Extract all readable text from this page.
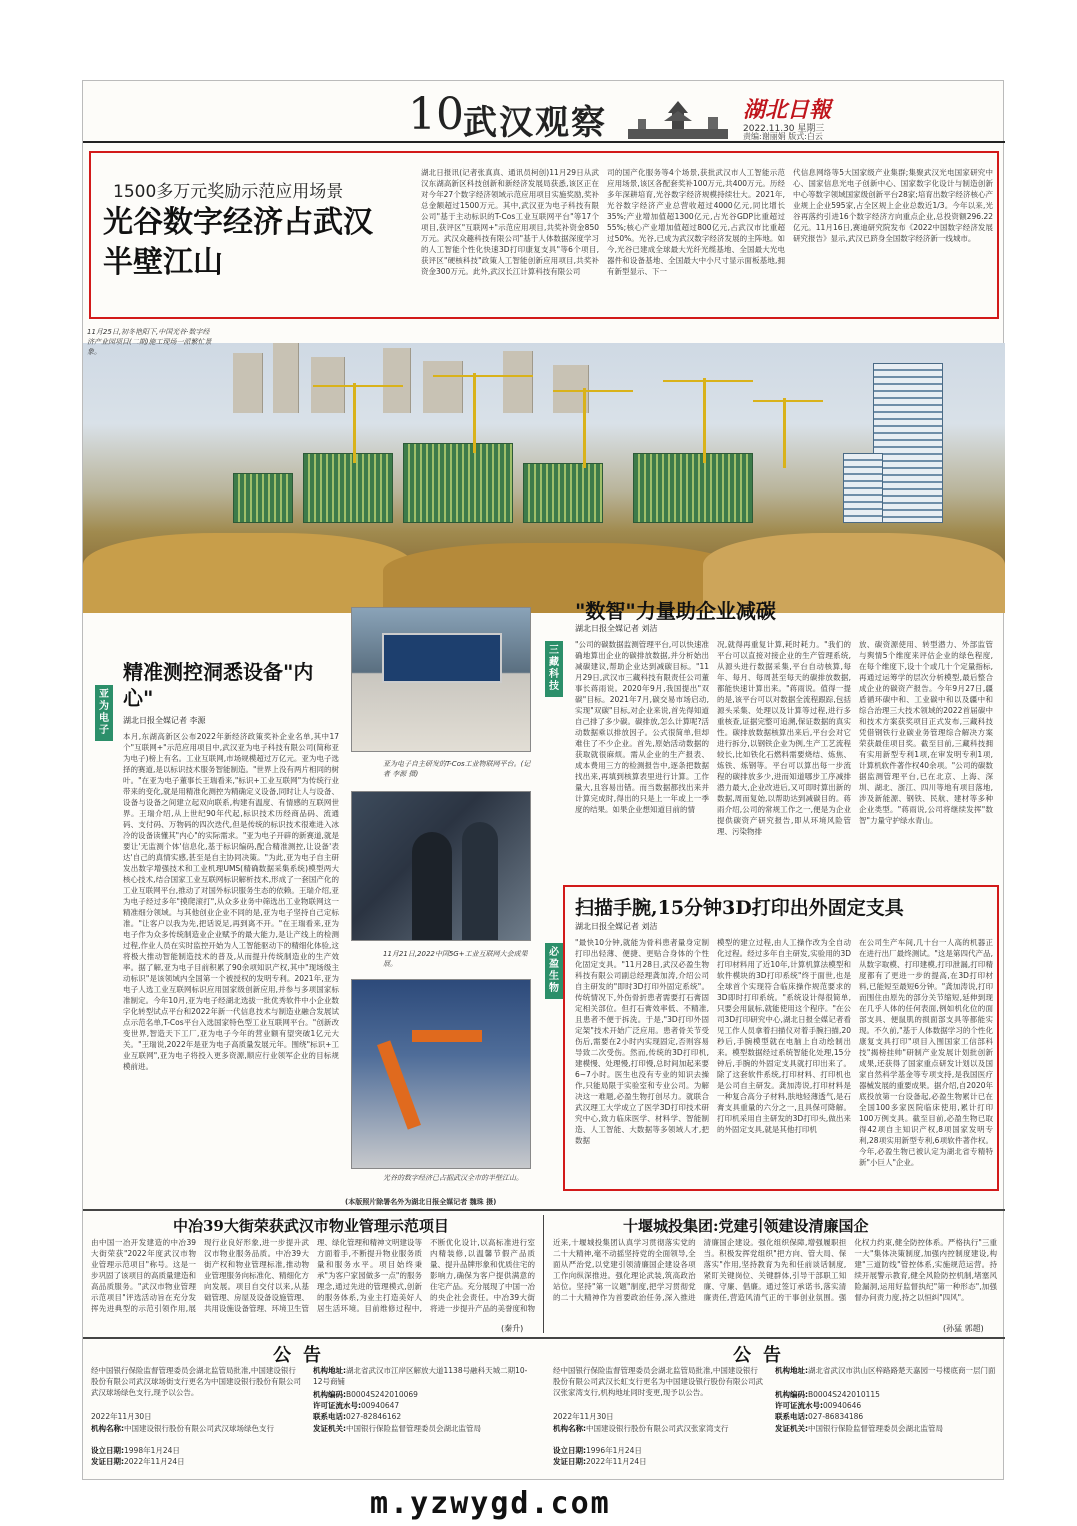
10 武汉观察	湖北日報
2022.11.30 星期三
责编:谢丽娟 版式:白云
1500多万元奖励示范应用场景
光谷数字经济占武汉半壁江山
湖北日报讯(记者张真真、通讯员柯创)11月29日从武汉东湖高新区科技创新和新经济发展局获悉,该区正在对今年27个数字经济领域示范应用项目实施奖励,奖补总金额超过1500万元。其中,武汉亚为电子科技有限公司"基于主动标识的T-Cos工业互联网平台"等17个项目,获评区"互联网+"示范应用项目,共奖补资金850万元。武汉众趣科技有限公司"基于人体数据深度学习的人工智能个性化快速3D打印康复支具"等6个项目,获评区"硬核科技"政策人工智能创新应用项目,共奖补资金300万元。此外,武汉长江计算科技有限公司
司的国产化服务等4个场景,获批武汉市人工智能示范应用场景,该区各配套奖补100万元,共400万元。历经多年深耕培育,光谷数字经济规模持续壮大。2021年,光谷数字经济产业总营收超过4000亿元,同比增长35%;产业增加值超1300亿元,占光谷GDP比重超过55%;核心产业增加值超过800亿元,占武汉市比重超过50%。光谷,已成为武汉数字经济发展的主阵地。如今,光谷已建成全球最大光纤光缆基地、全国最大光电器件和设备基地、全国最大中小尺寸显示面板基地,拥有新型显示、下一
代信息网络等5大国家级产业集群;集聚武汉光电国家研究中心、国家信息光电子创新中心、国家数字化设计与制造创新中心等数字领域国家级创新平台28家;培育出数字经济核心产业规上企业595家,占全区规上企业总数近1/3。今年以来,光谷再落约引进16个数字经济方向重点企业,总投资额296.22亿元。11月16日,赛迪研究院发布《2022中国数字经济发展研究报告》显示,武汉已跻身全国数字经济新一线城市。
11月25日,初冬艳阳下,中国光谷·数字经济产业园项目(二期)施工现场一派繁忙景象。
亚为电子
精准测控洞悉设备"内心"
湖北日报全媒记者 李源
本月,东湖高新区公布2022年新经济政策奖补企业名单,其中17个"互联网+"示范应用项目中,武汉亚为电子科技有限公司(简称亚为电子)榜上有名。工业互联网,市场规模超过万亿元。亚为电子选择的赛道,是以标识技术服务智能制造。"世界上没有两片相同的树叶。"在亚为电子董事长王瑞看来,"标识+工业互联网"为传统行业带来的变化,就是用精准化测控为精确定义设备,同时让人与设备、设备与设备之间建立起双向联系,构建有温度、有情感的互联网世界。王瑞介绍,从上世纪90年代起,标识技术历经商品码、流通码、支付码、万物码的四次迭代,但是传统的标识技术很难进入冰冷的设备读懂其"内心"的实际需求。"亚为电子开辟的新赛道,就是要让'无监测个体'信息化,基于标识编码,配合精准测控,让设备'表达'自己的真情实感,甚至是自主协同决策。"为此,亚为电子自主研发出数字增强技术和工业机理UMS(精确数据采集系统)模型两大核心技术,结合国家工业互联网标识解析技术,形成了一套国产化的工业互联网平台,推动了对国外标识服务生态的依赖。王瑞介绍,亚为电子经过多年"摸爬滚打",从众多业务中筛选出工业物联网这一精准细分领域。与其他创业企业不同的是,亚为电子坚持自己定标准。"让客户以我为先,把话说足,再到离不开。"在王瑞看来,亚为电子作为众多传统制造业企业赋予的最大能力,是让产线上的检测过程,作业人员在实时监控开始为人工智能驱动下的精细化体验,这将极大推动智能制造技术的普及,从而提升传统制造业的生产效率。据了解,亚为电子目前积累了90余项知识产权,其中"现场级主动标识"是该领域内全国第一个被授权的发明专利。2021年,亚为电子人选工业互联网标识应用国家级创新应用,并参与多项国家标准制定。今年10月,亚为电子经湖北选拔一批优秀软件中小企业数字化转型试点平台和2022年新一代信息技术与制造业融合发展试点示范名单,T-Cos平台入选国家特色型工业互联网平台。"创新改变世界,智造天下工厂,亚为电子今年的营业额有望突破1亿元大关。"王瑞说,2022年是亚为电子高质量发展元年。围绕"标识+工业互联网",亚为电子将投入更多资源,顺应行业领军企业的目标规模前进。
亚为电子自主研发的T-Cos工业物联网平台。(记者 李源 摄)
11月21日,2022中国5G+工业互联网大会成果展。
光谷的数字经济已占据武汉全市的半壁江山。
(本版照片除署名外为湖北日报全媒记者 魏珠 摄)
三藏科技
"数智"力量助企业减碳
湖北日报全媒记者 刘洁
"公司的碳数据监测管理平台,可以快速准确地算出企业的碳排放数据,并分析始出减碳建议,帮助企业达到减碳目标。"11月29日,武汉市三藏科技有限责任公司董事长蒋雨说。2020年9月,我国提出"双碳"目标。2021年7月,碳交易市场启动,实现"双碳"目标,对企业来说,首先得知道自己排了多少碳。碳排放,怎么计算呢?活动数据乘以排放因子。公式很简单,但却难住了不少企业。首先,原始活动数据的获取就很麻烦。需从企业的生产报表、成本费用三方的检测报告中,逐条把数据找出来,再填到核算表里进行计算。工作量大,且容易出错。而当数据都找出来并计算完成时,得出的只是上一年或上一季度的结果。如果企业想知道目前的情
况,就得再重复计算,耗时耗力。"我们的平台可以直接对接企业的生产管理系统,从源头进行数据采集,平台自动核算,每年、每月、每周甚至每天的碳排放数据,都能快速计算出来。"蒋雨说。值得一提的是,该平台可以对数据全流程跟踪,包括源头采集、处理以及计算等过程,进行多重核查,证据完整可追溯,保证数据的真实性。碳排放数据核算出来后,平台会对它进行拆分,以钢铁企业为例,生产工艺流程较长,比如铁化石燃料需要烧结、炼焦、炼铁、炼钢等。平台可以算出每一步流程的碳排放多少,进而知道哪步工序减排潜力最大,企业改进后,又可即时算出新的数据,周而复始,以帮助达到减碳目的。蒋雨介绍,公司的常规工作之一,便是为企业提供碳资产研究报告,即从环境风险管理、污染物排
放、碳资源使用、转型潜力、外部监管与舆情5个维度来评估企业的绿色程度,在每个维度下,设十个或几十个定量指标,再通过运筹学的层次分析模型,最后整合成企业的碳资产报告。今年9月27日,疆盾循环碳中和、工业碳中和以及疆中和综合治理三大技术领域的2022首届碳中和技术方案获奖项目正式发布,三藏科技凭借钢铁行业碳业务管理综合解决方案荣获最佳项目奖。截至目前,三藏科技拥有实用新型专利1项,在审发明专利1项,计算机软件著作权40余项。"公司的碳数据监测管理平台,已在北京、上海、深圳、湖北、浙江、四川等地有项目落地,涉及新能源、钢铁、民航、建材等多种企业类型。"蒋雨说,公司将继续发挥"数智"力量守护绿水青山。
必盈生物
扫描手腕,15分钟3D打印出外固定支具
湖北日报全媒记者 刘洁
"最快10分钟,就能为骨科患者量身定制打印出轻薄、便捷、更贴合身体的个性化固定支具。"11月28日,武汉必盈生物科技有限公司副总经理龚加涛,介绍公司自主研发的"即时3D打印外固定系统"。传统情况下,外伤骨折患者需要打石膏固定相关部位。但打石膏效率低、不精准,且患者不便于拆洗。于是,"3D打印外固定架"技术开始广泛应用。患者骨关节受伤后,需要在2小时内实现固定,否则容易导致二次受伤。然而,传统的3D打印机,建模慢、处理慢,打印慢,总时间加起来要6~7小时。医生也没有专业的知识去操作,只能局限于实验室和专业公司。为解决这一难题,必盈生物打创尽力。就联合武汉理工大学成立了医学3D打印技术研究中心,致力临床医学、材料学、智能制造、人工智能、大数据等多领域人才,把数据
模型的建立过程,由人工操作改为全自动化过程。经过多年自主研发,实验用的3D打印材料用了近10年,计算机算法模型和软件模块的3D打印系统"终于面世,也是全球首个实现符合临床操作规范要求的3D即时打印系统。"系统设计得很简单,只要会用鼠标,就能使用这个程序。"在公司3D打印研究中心,湖北日报全媒记者看见工作人员拿着扫描仪对着手腕扫描,20秒后,手腕模型就在电脑上自动绘制出来。模型数据经过系统智能化处理,15分钟后,手腕的外固定支具就打印出来了。除了这套软件系统,打印材料、打印机也是公司自主研发。龚加涛说,打印材料是一种复合高分子材料,肤地轻薄透气,是石膏支具重量的六分之一,且具保可降解。打印机采用自主研发的3D打印头,做出来的外固定支具,就是其他打印机
在公司生产车间,几十台一人高的机器正在进行出厂最终测试。"这是第四代产品,从数字取模、打印建模,打印泄漏,打印精度都有了更进一步的提高,在3D打印材料,已能短至最短6分钟。"龚加涛说,打印而围住由原先的部分关节缩短,延伸到现在几乎人体的任何表面,例如机化位的面部支具、便鼠肌的损面部支具等都能实现。不久前,"基于人体数据学习的个性化康复支具打印"项目入围国家工信部科技"揭榜挂帅"研制产业发展计划批创新成果,还获得了国家重点研发计划以及国家自然科学基金等专项支持,是我国医疗器械发展的重要成果。据介绍,自2020年底投放第一台设备起,必盈生物累计已在全国100多家医院临床使用,累计打印100万例支具。截至目前,必盈生物已取得42项自主知识产权,8项国家发明专利,28项实用新型专利,6项软件著作权。今年,必盈生物已被认定为湖北省专精特新"小巨人"企业。
中冶39大街荣获武汉市物业管理示范项目
由中国一冶开发建造的中冶39大街荣获"2022年度武汉市物业管理示范项目"称号。这是一步巩固了该项目的高质量建造和高品质服务。"武汉市物业管理示范项目"评选活动旨在充分发挥先进典型的示范引领作用,展现行业良好形象,进一步提升武汉市物业服务品质。中冶39大街产权和物业管理标准,推动物业管理服务向标准化、精细化方向发展。项目自交付以来,从基础管理、房屋及设备设施管理、共用设施设备管理、环境卫生管理、绿化管理和精神文明建设等方面着手,不断提升物业服务质量和服务水平。项目始终秉承"为客户家园做多一点"的服务理念,通过先进的管理模式,创新的服务体系,为业主打造美好人居生活环境。目前维修过程中,不断优化设计,以高标准进行室内精装修,以温馨节假产品质量、提升品牌形象和优质住宅的影响力,确保为客户提供满意的住宅产品。充分展现了中国一冶的央企社会责任。中冶39大街将进一步提升产品的美誉度和物
(秦升)
十堰城投集团:党建引领建设清廉国企
近来,十堰城投集团认真学习贯彻落实党的二十大精神,毫不动摇坚持党的全面领导,全面从严治党,以党建引领清廉国企建设各项工作向纵深推进。强化理论武装,筑高政治站位。坚持"第一议题"制度,把学习贯彻党的二十大精神作为首要政治任务,深入推进清廉国企建设。强化组织保障,增强履职担当。积极发挥党组织"把方向、管大局、保落实"作用,坚持教育为先和任前谈话制度,紧盯关键岗位、关键群体,引导干部职工知廉、守廉、倡廉。通过签订承诺书,落实清廉责任,营造风清气正的干事创业氛围。强化权力约束,健全防控体系。严格执行"三重一大"集体决策制度,加强内控制度建设,构建"三道防线"管控体系,实施规范运营。持续开展警示教育,健全风险防控机制,堵塞风险漏洞,运用好监督执纪"第一种形态",加强督办问责力度,持之以恒纠"四风"。
(孙猛 郭超)
公告	公告
经中国银行保险监督管理委员会湖北监管局批准,中国建设银行股份有限公司武汉球场街支行更名为中国建设银行股份有限公司武汉球场绿色支行,现予以公告。
2022年11月30日
机构名称:中国建设银行股份有限公司武汉球场绿色支行
设立日期:1998年1月24日
发证日期:2022年11月24日
机构地址:湖北省武汉市江岸区解放大道1138号融科天城二期10-12号商铺
机构编码:B0004S242010069
许可证流水号:00940647
联系电话:027-82846162
发证机关:中国银行保险监督管理委员会湖北监管局
经中国银行保险监督管理委员会湖北监管局批准,中国建设银行股份有限公司武汉长虹支行更名为中国建设银行股份有限公司武汉张家湾支行,机构地址同时变更,现予以公告。
2022年11月30日
机构名称:中国建设银行股份有限公司武汉张家湾支行
设立日期:1996年1月24日
发证日期:2022年11月24日
机构地址:湖北省武汉市洪山区梓路路楚天嘉园一号楼底商一层门面
机构编码:B0004S242010115
许可证流水号:00940646
联系电话:027-86834186
发证机关:中国银行保险监督管理委员会湖北监管局
m.yzwygd.com
